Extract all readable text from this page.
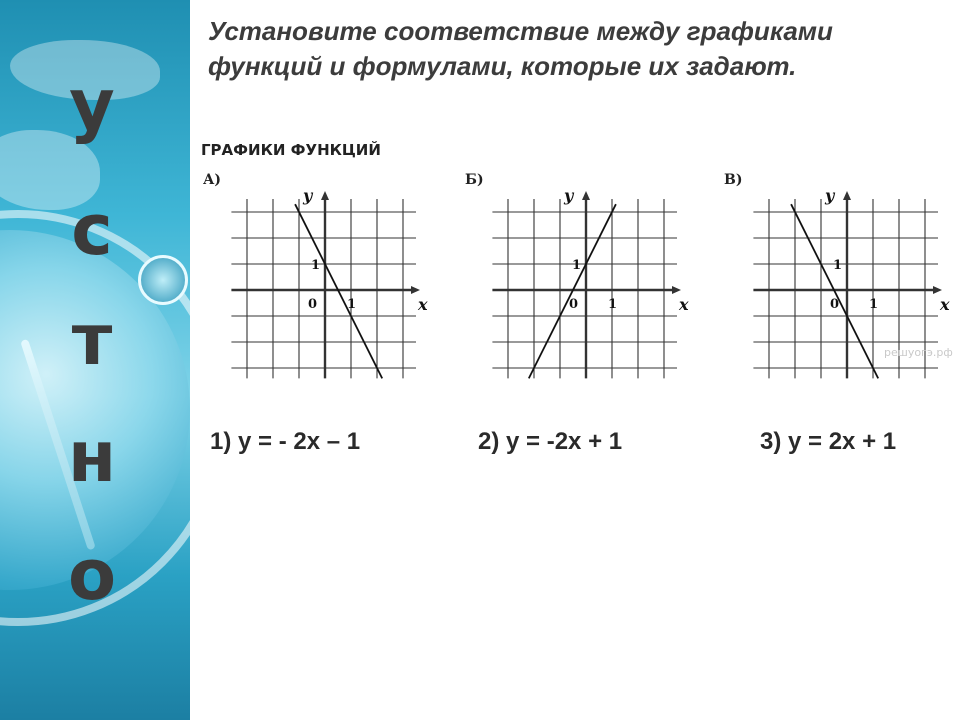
у
с
т
н
о
Установите соответствие между графиками функций и формулами, которые их задают.
ГРАФИКИ ФУНКЦИЙ
А)	Б)	В)
y
x
0 1
1
y
x
0 1
1
y
x
0 1
1
1) y = - 2x – 1	2) y = -2x + 1	3) y = 2x + 1
решуогэ.рф
